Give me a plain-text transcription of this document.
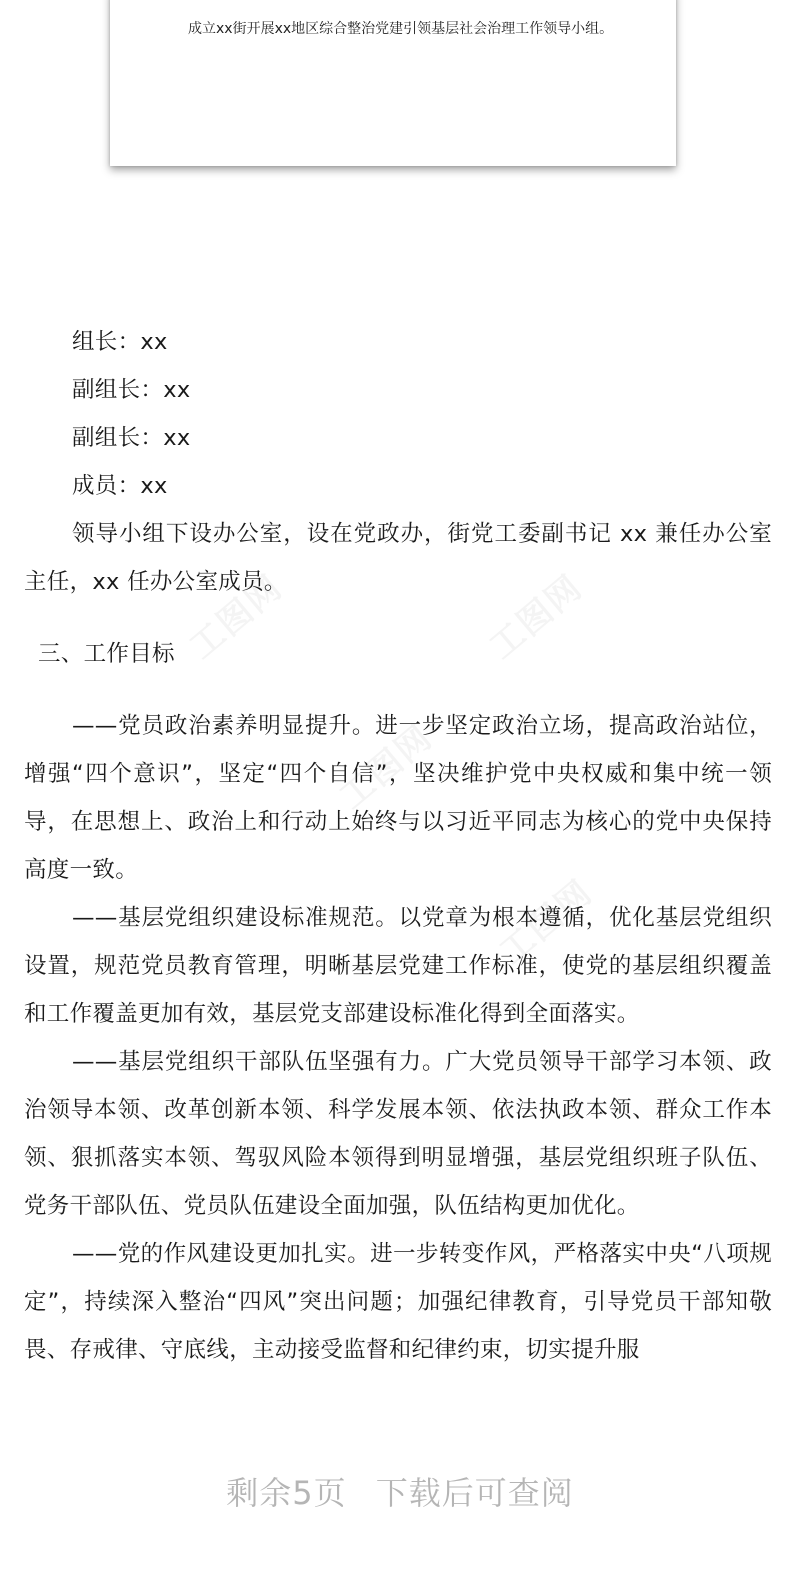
成立xx街开展xx地区综合整治党建引领基层社会治理工作领导小组。

组长：xx

副组长：xx

副组长：xx

成员：xx

领导小组下设办公室，设在党政办，街党工委副书记 xx 兼任办公室主任，xx 任办公室成员。

三、工作目标

——党员政治素养明显提升。进一步坚定政治立场，提高政治站位，增强“四个意识”，坚定“四个自信”，坚决维护党中央权威和集中统一领导，在思想上、政治上和行动上始终与以习近平同志为核心的党中央保持高度一致。

——基层党组织建设标准规范。以党章为根本遵循，优化基层党组织设置，规范党员教育管理，明晰基层党建工作标准，使党的基层组织覆盖和工作覆盖更加有效，基层党支部建设标准化得到全面落实。

——基层党组织干部队伍坚强有力。广大党员领导干部学习本领、政治领导本领、改革创新本领、科学发展本领、依法执政本领、群众工作本领、狠抓落实本领、驾驭风险本领得到明显增强，基层党组织班子队伍、党务干部队伍、党员队伍建设全面加强，队伍结构更加优化。

——党的作风建设更加扎实。进一步转变作风，严格落实中央“八项规定”，持续深入整治“四风”突出问题；加强纪律教育，引导党员干部知敬畏、存戒律、守底线，主动接受监督和纪律约束，切实提升服

剩余5页 下载后可查阅
